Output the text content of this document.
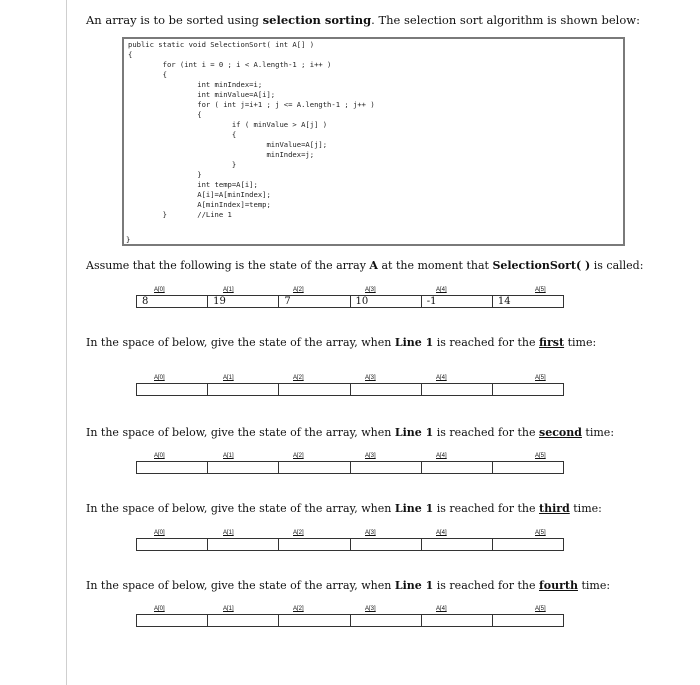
An array is to be sorted using selection sorting. The selection sort algorithm is shown below:
public static void SelectionSort( int A[] )
{
for (int i = 0 ; i < A.length-1 ; i++ )
{
int minIndex=i;
int minValue=A[i];
for ( int j=i+1 ; j <= A.length-1 ; j++ )
{
if ( minValue > A[j] )
{
minValue=A[j];
minIndex=j;
}
}
int temp=A[i];
A[i]=A[minIndex];
A[minIndex]=temp;
}       //Line 1
}
Assume that the following is the state of the array A at the moment that SelectionSort( ) is called:
A[0]	A[1]	A[2]	A[3]	A[4]	A[5]
8	19	7	10	-1	14
In the space of below, give the state of the array, when Line 1 is reached for the first time:
A[0]	A[1]	A[2]	A[3]	A[4]	A[5]
In the space of below, give the state of the array, when Line 1 is reached for the second time:
A[0]	A[1]	A[2]	A[3]	A[4]	A[5]
In the space of below, give the state of the array, when Line 1 is reached for the third time:
A[0]	A[1]	A[2]	A[3]	A[4]	A[5]
In the space of below, give the state of the array, when Line 1 is reached for the fourth time:
A[0]	A[1]	A[2]	A[3]	A[4]	A[5]
